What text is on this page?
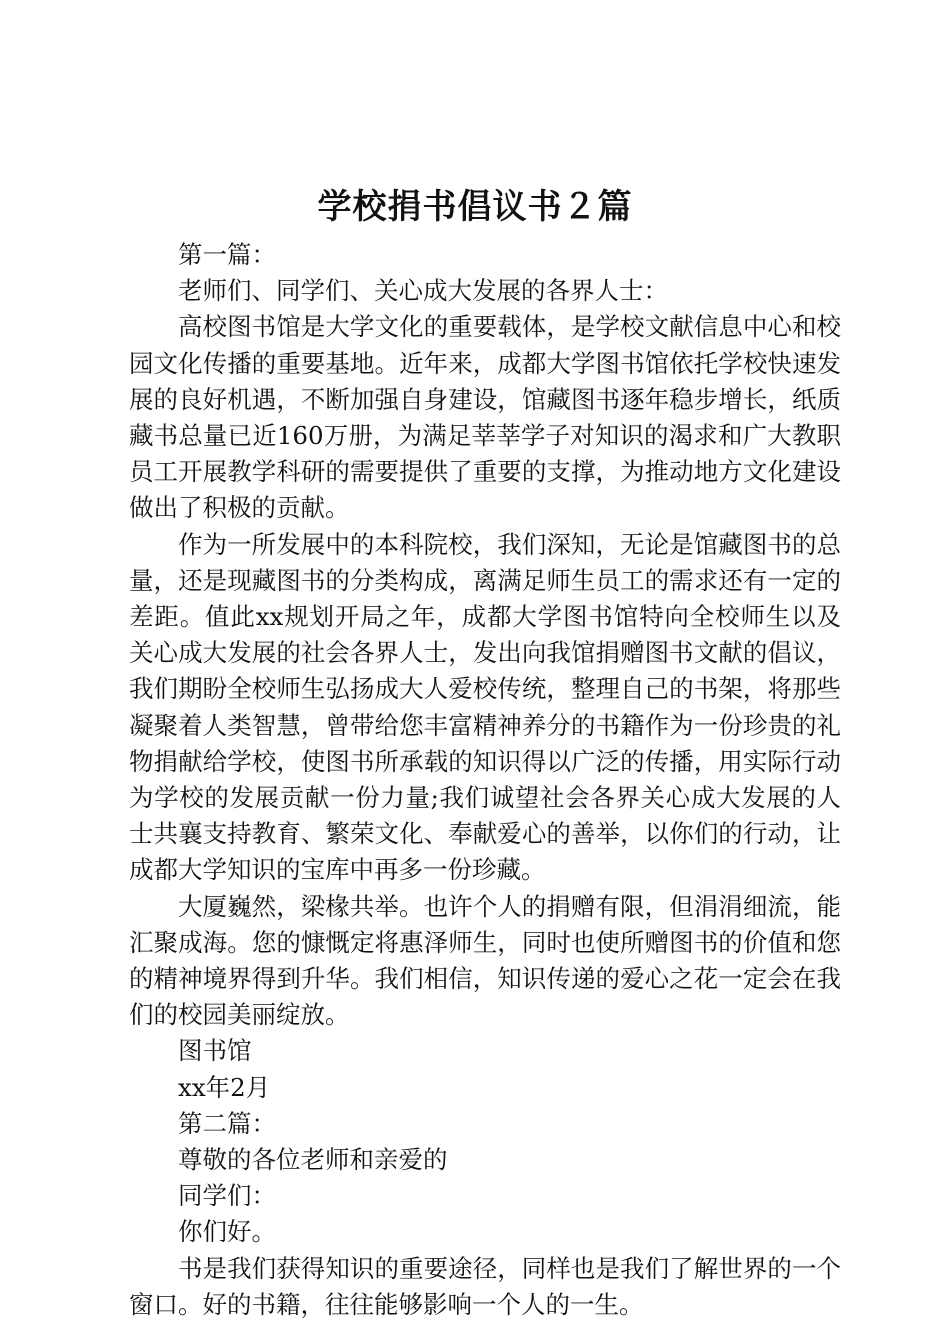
学校捐书倡议书２篇

第一篇：

老师们、同学们、关心成大发展的各界人士：

高校图书馆是大学文化的重要载体，是学校文献信息中心和校园文化传播的重要基地。近年来，成都大学图书馆依托学校快速发展的良好机遇，不断加强自身建设，馆藏图书逐年稳步增长，纸质藏书总量已近160万册，为满足莘莘学子对知识的渴求和广大教职员工开展教学科研的需要提供了重要的支撑，为推动地方文化建设做出了积极的贡献。

作为一所发展中的本科院校，我们深知，无论是馆藏图书的总量，还是现藏图书的分类构成，离满足师生员工的需求还有一定的差距。值此xx规划开局之年，成都大学图书馆特向全校师生以及关心成大发展的社会各界人士，发出向我馆捐赠图书文献的倡议，我们期盼全校师生弘扬成大人爱校传统，整理自己的书架，将那些凝聚着人类智慧，曾带给您丰富精神养分的书籍作为一份珍贵的礼物捐献给学校，使图书所承载的知识得以广泛的传播，用实际行动为学校的发展贡献一份力量;我们诚望社会各界关心成大发展的人士共襄支持教育、繁荣文化、奉献爱心的善举，以你们的行动，让成都大学知识的宝库中再多一份珍藏。

大厦巍然，梁椽共举。也许个人的捐赠有限，但涓涓细流，能汇聚成海。您的慷慨定将惠泽师生，同时也使所赠图书的价值和您的精神境界得到升华。我们相信，知识传递的爱心之花一定会在我们的校园美丽绽放。

图书馆

xx年2月

第二篇：

尊敬的各位老师和亲爱的

同学们：

你们好。

书是我们获得知识的重要途径，同样也是我们了解世界的一个窗口。好的书籍，往往能够影响一个人的一生。
